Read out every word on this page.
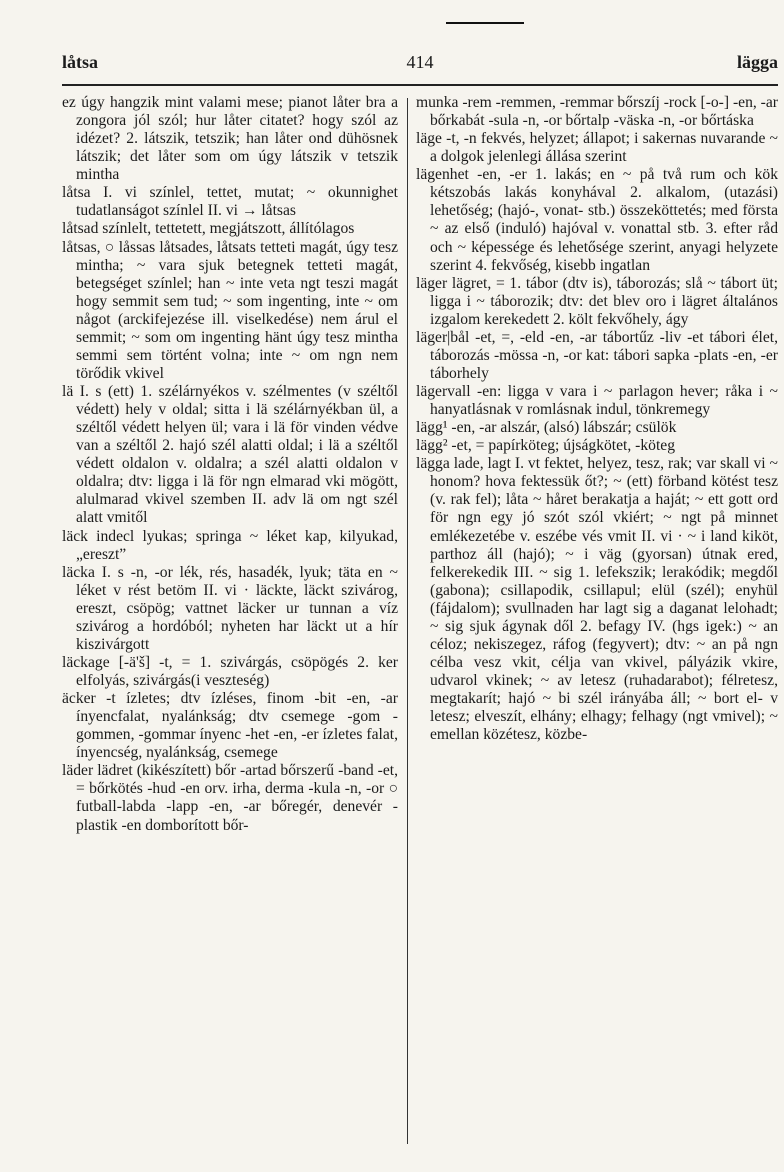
låtsa	414	lägga

ez úgy hangzik mint valami mese; pianot låter bra a zongora jól szól; hur låter citatet? hogy szól az idézet? 2. látszik, tetszik; han låter ond dühösnek látszik; det låter som om úgy látszik v tetszik mintha

låtsa I. vi színlel, tettet, mutat; ~ okunnighet tudatlanságot színlel II. vi → låtsas

låtsad színlelt, tettetett, megjátszott, állítólagos

låtsas, ○ låssas låtsades, låtsats tetteti magát, úgy tesz mintha; ~ vara sjuk betegnek tetteti magát, betegséget színlel; han ~ inte veta ngt teszi magát hogy semmit sem tud; ~ som ingenting, inte ~ om något (arckifejezése ill. viselkedése) nem árul el semmit; ~ som om ingenting hänt úgy tesz mintha semmi sem történt volna; inte ~ om ngn nem törődik vkivel

lä I. s (ett) 1. szélárnyékos v. szélmentes (v széltől védett) hely v oldal; sitta i lä szélárnyékban ül, a széltől védett helyen ül; vara i lä för vinden védve van a széltől 2. hajó szél alatti oldal; i lä a széltől védett oldalon v. oldalra; a szél alatti oldalon v oldalra; dtv: ligga i lä för ngn elmarad vki mögött, alulmarad vkivel szemben II. adv lä om ngt szél alatt vmitől

läck indecl lyukas; springa ~ léket kap, kilyukad, „ereszt”

läcka I. s -n, -or lék, rés, hasadék, lyuk; täta en ~ léket v rést betöm II. vi · läckte, läckt szivárog, ereszt, csöpög; vattnet läcker ur tunnan a víz szivárog a hordóból; nyheten har läckt ut a hír kiszivárgott

läckage [-ä'š] -t, = 1. szivárgás, csöpögés 2. ker elfolyás, szivárgás(i veszteség)

äcker -t ízletes; dtv ízléses, finom -bit -en, -ar ínyencfalat, nyalánkság; dtv csemege -gom -gommen, -gommar ínyenc -het -en, -er ízletes falat, ínyencség, nyalánkság, csemege

läder lädret (kikészített) bőr -artad bőrszerű -band -et, = bőrkötés -hud -en orv. irha, derma -kula -n, -or ○ futball-labda -lapp -en, -ar bőregér, denevér -plastik -en domborított bőr-

munka -rem -remmen, -remmar bőrszíj -rock [-o-] -en, -ar bőrkabát -sula -n, -or bőrtalp -väska -n, -or bőrtáska

läge -t, -n fekvés, helyzet; állapot; i sakernas nuvarande ~ a dolgok jelenlegi állása szerint

lägenhet -en, -er 1. lakás; en ~ på två rum och kök kétszobás lakás konyhával 2. alkalom, (utazási) lehetőség; (hajó-, vonat- stb.) összeköttetés; med första ~ az első (induló) hajóval v. vonattal stb. 3. efter råd och ~ képessége és lehetősége szerint, anyagi helyzete szerint 4. fekvőség, kisebb ingatlan

läger lägret, = 1. tábor (dtv is), táborozás; slå ~ tábort üt; ligga i ~ táborozik; dtv: det blev oro i lägret általános izgalom kerekedett 2. költ fekvőhely, ágy

läger|bål -et, =, -eld -en, -ar tábortűz -liv -et tábori élet, táborozás -mössa -n, -or kat: tábori sapka -plats -en, -er táborhely

lägervall -en: ligga v vara i ~ parlagon hever; råka i ~ hanyatlásnak v romlásnak indul, tönkremegy

lägg¹ -en, -ar alszár, (alsó) lábszár; csülök

lägg² -et, = papírköteg; újságkötet, -köteg

lägga lade, lagt I. vt fektet, helyez, tesz, rak; var skall vi ~ honom? hova fektessük őt?; ~ (ett) förband kötést tesz (v. rak fel); låta ~ håret berakatja a haját; ~ ett gott ord för ngn egy jó szót szól vkiért; ~ ngt på minnet emlékezetébe v. eszébe vés vmit II. vi · ~ i land kiköt, parthoz áll (hajó); ~ i väg (gyorsan) útnak ered, felkerekedik III. ~ sig 1. lefekszik; lerakódik; megdől (gabona); csillapodik, csillapul; elül (szél); enyhül (fájdalom); svullnaden har lagt sig a daganat lelohadt; ~ sig sjuk ágynak dől 2. befagy IV. (hgs igek:) ~ an céloz; nekiszegez, ráfog (fegyvert); dtv: ~ an på ngn célba vesz vkit, célja van vkivel, pályázik vkire, udvarol vkinek; ~ av letesz (ruhadarabot); félretesz, megtakarít; hajó ~ bi szél irányába áll; ~ bort el- v letesz; elveszít, elhány; elhagy; felhagy (ngt vmivel); ~ emellan közétesz, közbe-
